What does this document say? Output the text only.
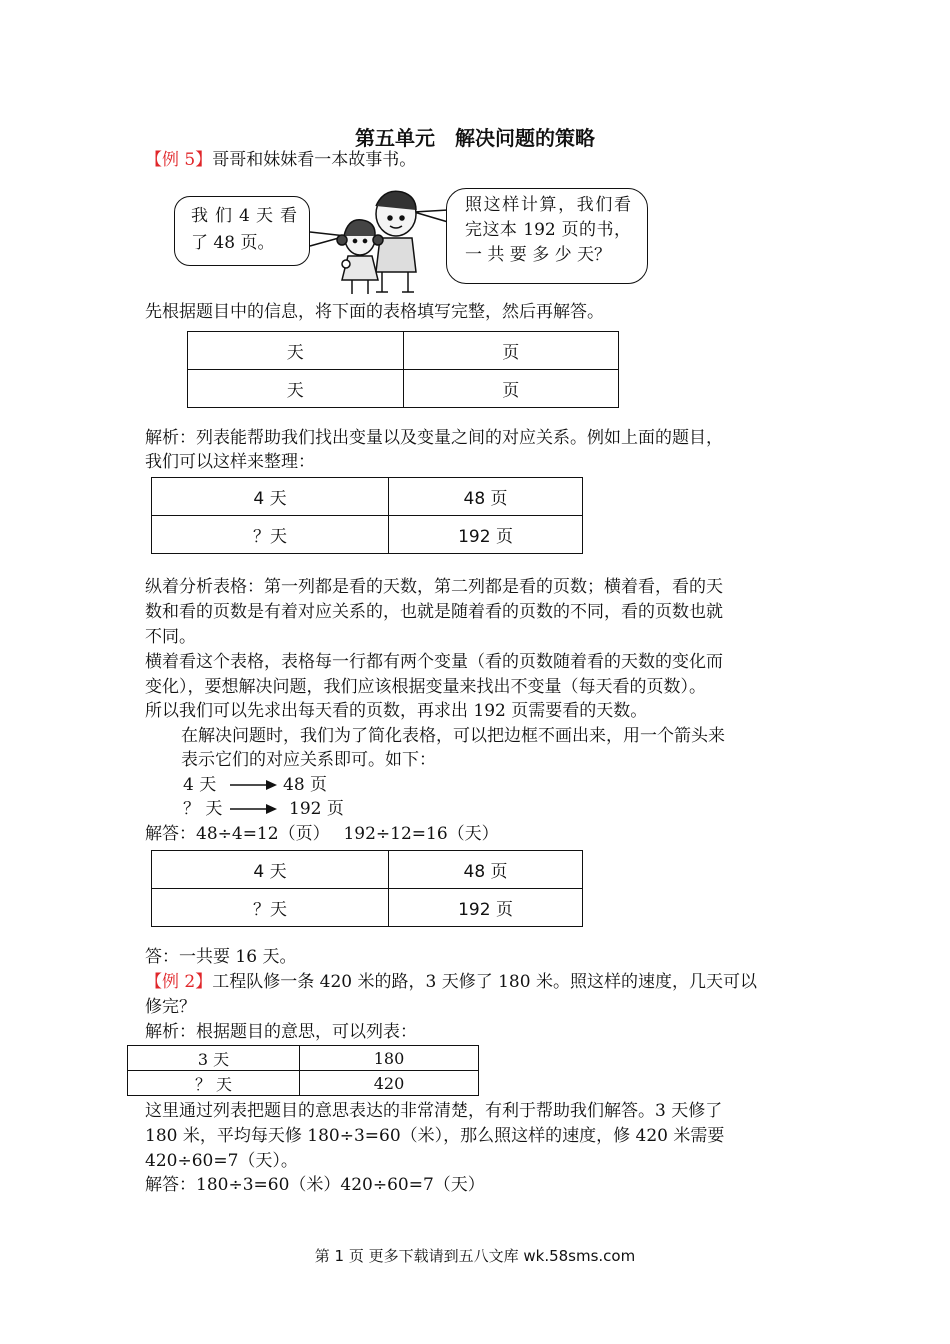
第五单元　解决问题的策略
【例 5】哥哥和妹妹看一本故事书。
我 们 4 天 看 了 48 页。
照这样计算，我们看完这本 192 页的书， 一 共 要 多 少 天？
先根据题目中的信息，将下面的表格填写完整，然后再解答。
天	页
天	页
解析：列表能帮助我们找出变量以及变量之间的对应关系。例如上面的题目，
我们可以这样来整理：
4 天	48 页
？天	192 页
纵着分析表格：第一列都是看的天数，第二列都是看的页数；横着看，看的天
数和看的页数是有着对应关系的，也就是随着看的页数的不同，看的页数也就
不同。
横着看这个表格，表格每一行都有两个变量（看的页数随着看的天数的变化而
变化），要想解决问题，我们应该根据变量来找出不变量（每天看的页数）。
所以我们可以先求出每天看的页数，再求出 192 页需要看的天数。
在解决问题时，我们为了简化表格，可以把边框不画出来，用一个箭头来
表示它们的对应关系即可。如下：
4 天	48 页
？ 天	192 页
解答：48÷4=12（页）　 192÷12=16（天）
4 天	48 页
？天	192 页
答：一共要 16 天。
【例 2】工程队修一条 420 米的路，3 天修了 180 米。照这样的速度，几天可以
修完？
解析：根据题目的意思，可以列表：
3 天	180
？ 天	420
这里通过列表把题目的意思表达的非常清楚，有利于帮助我们解答。3 天修了
180 米，平均每天修 180÷3=60（米），那么照这样的速度，修 420 米需要
420÷60=7（天）。
解答：180÷3=60（米）420÷60=7（天）
第 1 页 更多下载请到五八文库 wk.58sms.com
